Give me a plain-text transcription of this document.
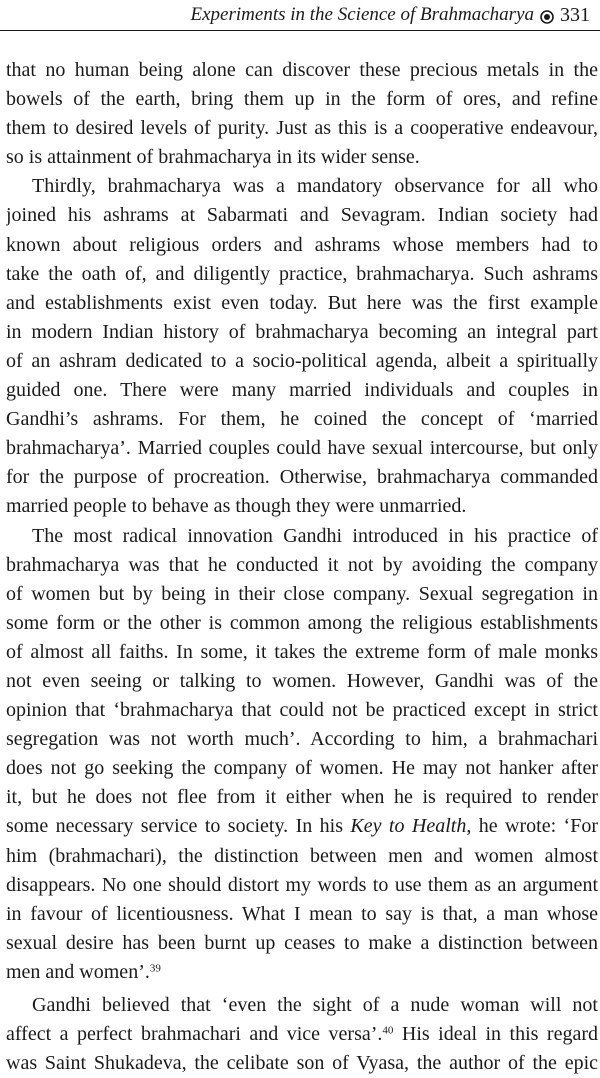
Experiments in the Science of Brahmacharya 331
that no human being alone can discover these precious metals in the
bowels of the earth, bring them up in the form of ores, and refine
them to desired levels of purity. Just as this is a cooperative endeavour,
so is attainment of brahmacharya in its wider sense.
Thirdly, brahmacharya was a mandatory observance for all who
joined his ashrams at Sabarmati and Sevagram. Indian society had
known about religious orders and ashrams whose members had to
take the oath of, and diligently practice, brahmacharya. Such ashrams
and establishments exist even today. But here was the first example
in modern Indian history of brahmacharya becoming an integral part
of an ashram dedicated to a socio-political agenda, albeit a spiritually
guided one. There were many married individuals and couples in
Gandhi’s ashrams. For them, he coined the concept of ‘married
brahmacharya’. Married couples could have sexual intercourse, but only
for the purpose of procreation. Otherwise, brahmacharya commanded
married people to behave as though they were unmarried.
The most radical innovation Gandhi introduced in his practice of
brahmacharya was that he conducted it not by avoiding the company
of women but by being in their close company. Sexual segregation in
some form or the other is common among the religious establishments
of almost all faiths. In some, it takes the extreme form of male monks
not even seeing or talking to women. However, Gandhi was of the
opinion that ‘brahmacharya that could not be practiced except in strict
segregation was not worth much’. According to him, a brahmachari
does not go seeking the company of women. He may not hanker after
it, but he does not flee from it either when he is required to render
some necessary service to society. In his Key to Health, he wrote: ‘For
him (brahmachari), the distinction between men and women almost
disappears. No one should distort my words to use them as an argument
in favour of licentiousness. What I mean to say is that, a man whose
sexual desire has been burnt up ceases to make a distinction between
men and women’.$^{39}$
Gandhi believed that ‘even the sight of a nude woman will not
affect a perfect brahmachari and vice versa’.$^{40}$ His ideal in this regard
was Saint Shukadeva, the celibate son of Vyasa, the author of the epic
